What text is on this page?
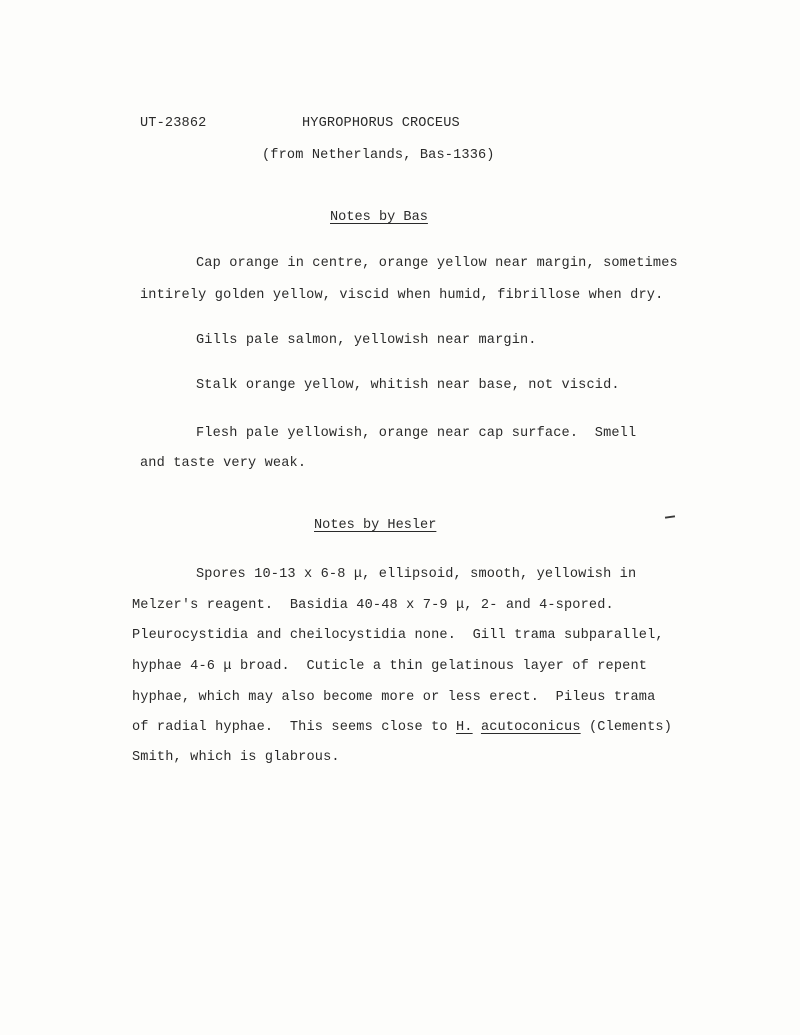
UT-23862	HYGROPHORUS CROCEUS
(from Netherlands, Bas-1336)
Notes by Bas
Cap orange in centre, orange yellow near margin, sometimes
intirely golden yellow, viscid when humid, fibrillose when dry.
Gills pale salmon, yellowish near margin.
Stalk orange yellow, whitish near base, not viscid.
Flesh pale yellowish, orange near cap surface.  Smell
and taste very weak.
Notes by Hesler
Spores 10-13 x 6-8 μ, ellipsoid, smooth, yellowish in
Melzer's reagent.  Basidia 40-48 x 7-9 μ, 2- and 4-spored.
Pleurocystidia and cheilocystidia none.  Gill trama subparallel,
hyphae 4-6 μ broad.  Cuticle a thin gelatinous layer of repent
hyphae, which may also become more or less erect.  Pileus trama
of radial hyphae.  This seems close to H. acutoconicus (Clements)
Smith, which is glabrous.
